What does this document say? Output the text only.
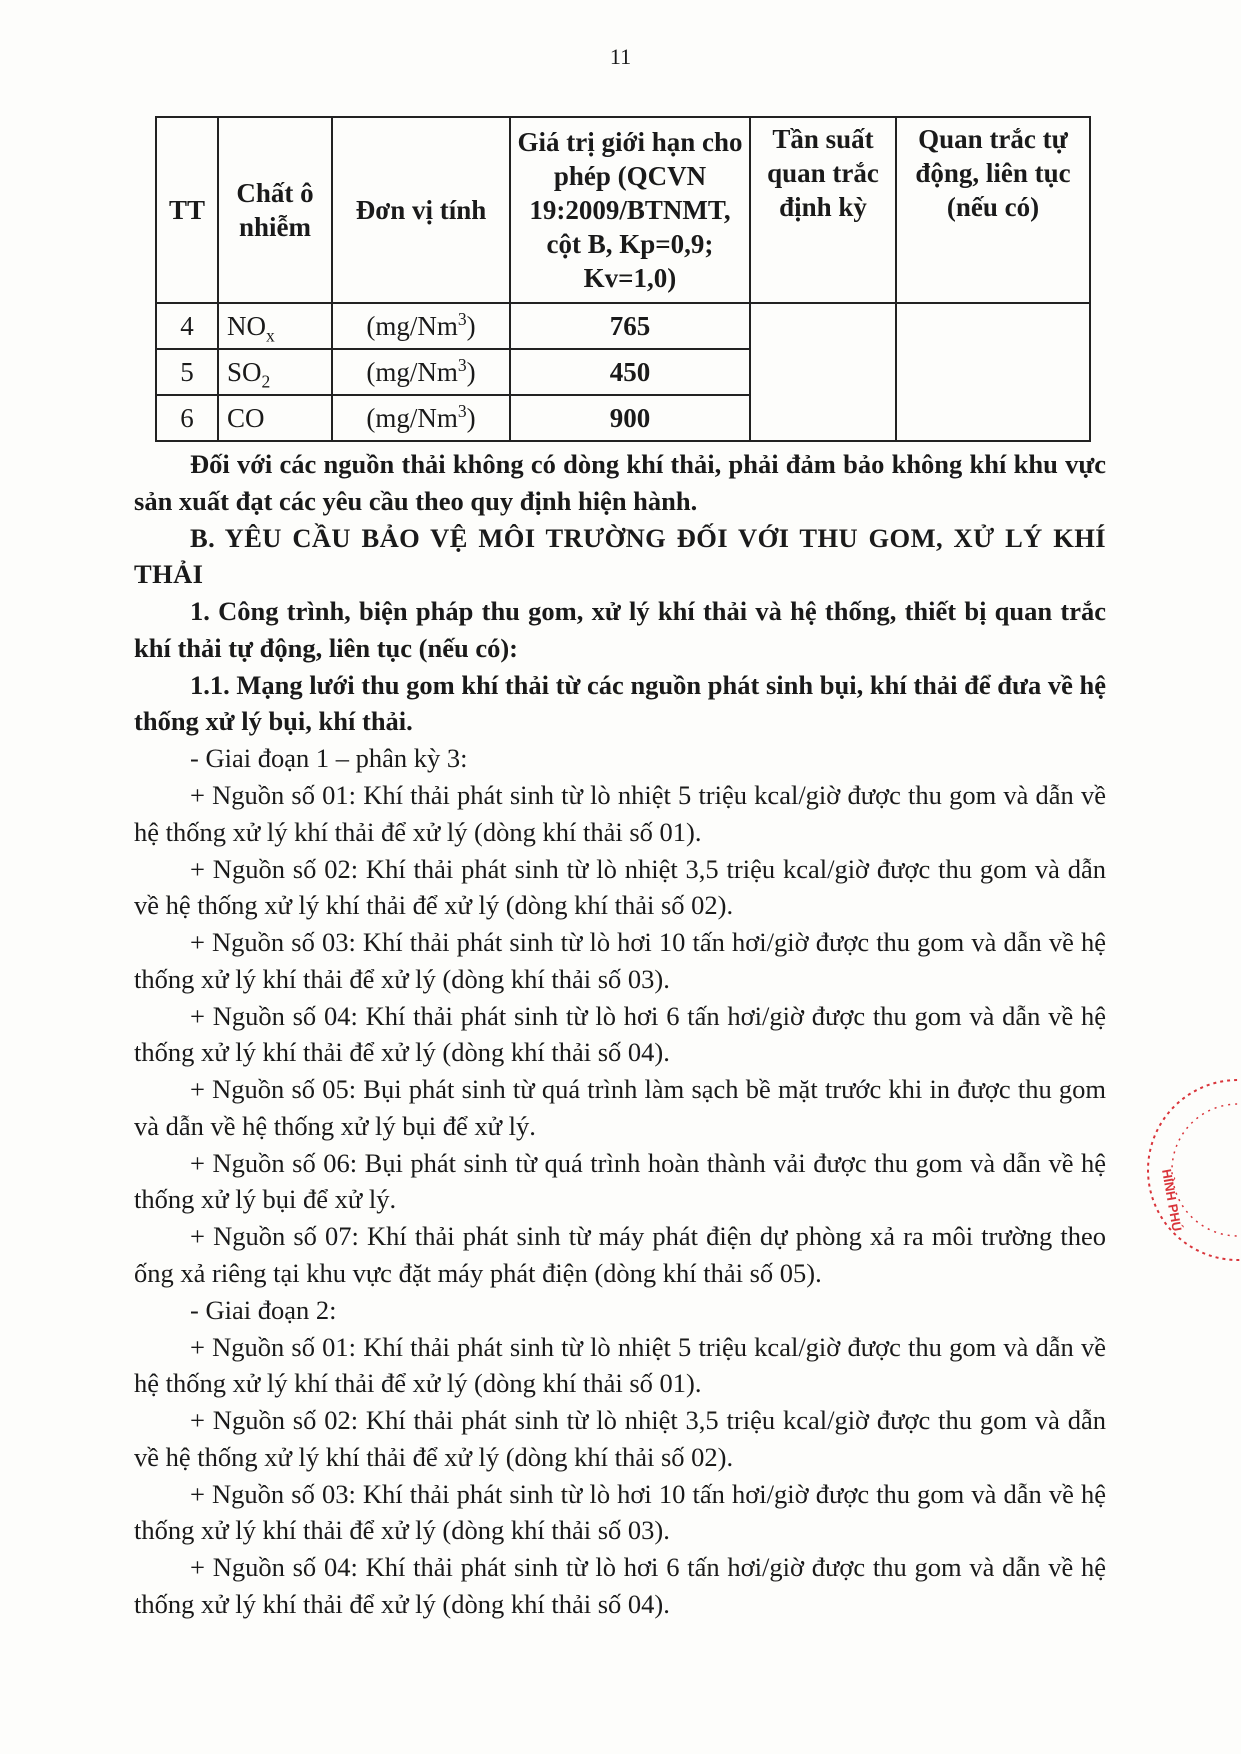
11
TT	Chất ô nhiễm	Đơn vị tính	Giá trị giới hạn cho phép (QCVN 19:2009/BTNMT, cột B, Kp=0,9; Kv=1,0)	Tần suất quan trắc định kỳ	Quan trắc tự động, liên tục (nếu có)
4	$NO_x$	(mg/Nm$^3$)	765		
5	$SO_2$	(mg/Nm$^3$)	450		
6	CO	(mg/Nm$^3$)	900		

Đối với các nguồn thải không có dòng khí thải, phải đảm bảo không khí khu vực sản xuất đạt các yêu cầu theo quy định hiện hành.

B. YÊU CẦU BẢO VỆ MÔI TRƯỜNG ĐỐI VỚI THU GOM, XỬ LÝ KHÍ THẢI

1. Công trình, biện pháp thu gom, xử lý khí thải và hệ thống, thiết bị quan trắc khí thải tự động, liên tục (nếu có):

1.1. Mạng lưới thu gom khí thải từ các nguồn phát sinh bụi, khí thải để đưa về hệ thống xử lý bụi, khí thải.

- Giai đoạn 1 – phân kỳ 3:

+ Nguồn số 01: Khí thải phát sinh từ lò nhiệt 5 triệu kcal/giờ được thu gom và dẫn về hệ thống xử lý khí thải để xử lý (dòng khí thải số 01).

+ Nguồn số 02: Khí thải phát sinh từ lò nhiệt 3,5 triệu kcal/giờ được thu gom và dẫn về hệ thống xử lý khí thải để xử lý (dòng khí thải số 02).

+ Nguồn số 03: Khí thải phát sinh từ lò hơi 10 tấn hơi/giờ được thu gom và dẫn về hệ thống xử lý khí thải để xử lý (dòng khí thải số 03).

+ Nguồn số 04: Khí thải phát sinh từ lò hơi 6 tấn hơi/giờ được thu gom và dẫn về hệ thống xử lý khí thải để xử lý (dòng khí thải số 04).

+ Nguồn số 05: Bụi phát sinh từ quá trình làm sạch bề mặt trước khi in được thu gom và dẫn về hệ thống xử lý bụi để xử lý.

+ Nguồn số 06: Bụi phát sinh từ quá trình hoàn thành vải được thu gom và dẫn về hệ thống xử lý bụi để xử lý.

+ Nguồn số 07: Khí thải phát sinh từ máy phát điện dự phòng xả ra môi trường theo ống xả riêng tại khu vực đặt máy phát điện (dòng khí thải số 05).

- Giai đoạn 2:

+ Nguồn số 01: Khí thải phát sinh từ lò nhiệt 5 triệu kcal/giờ được thu gom và dẫn về hệ thống xử lý khí thải để xử lý (dòng khí thải số 01).

+ Nguồn số 02: Khí thải phát sinh từ lò nhiệt 3,5 triệu kcal/giờ được thu gom và dẫn về hệ thống xử lý khí thải để xử lý (dòng khí thải số 02).

+ Nguồn số 03: Khí thải phát sinh từ lò hơi 10 tấn hơi/giờ được thu gom và dẫn về hệ thống xử lý khí thải để xử lý (dòng khí thải số 03).

+ Nguồn số 04: Khí thải phát sinh từ lò hơi 6 tấn hơi/giờ được thu gom và dẫn về hệ thống xử lý khí thải để xử lý (dòng khí thải số 04).

HÌNH PHÚ
